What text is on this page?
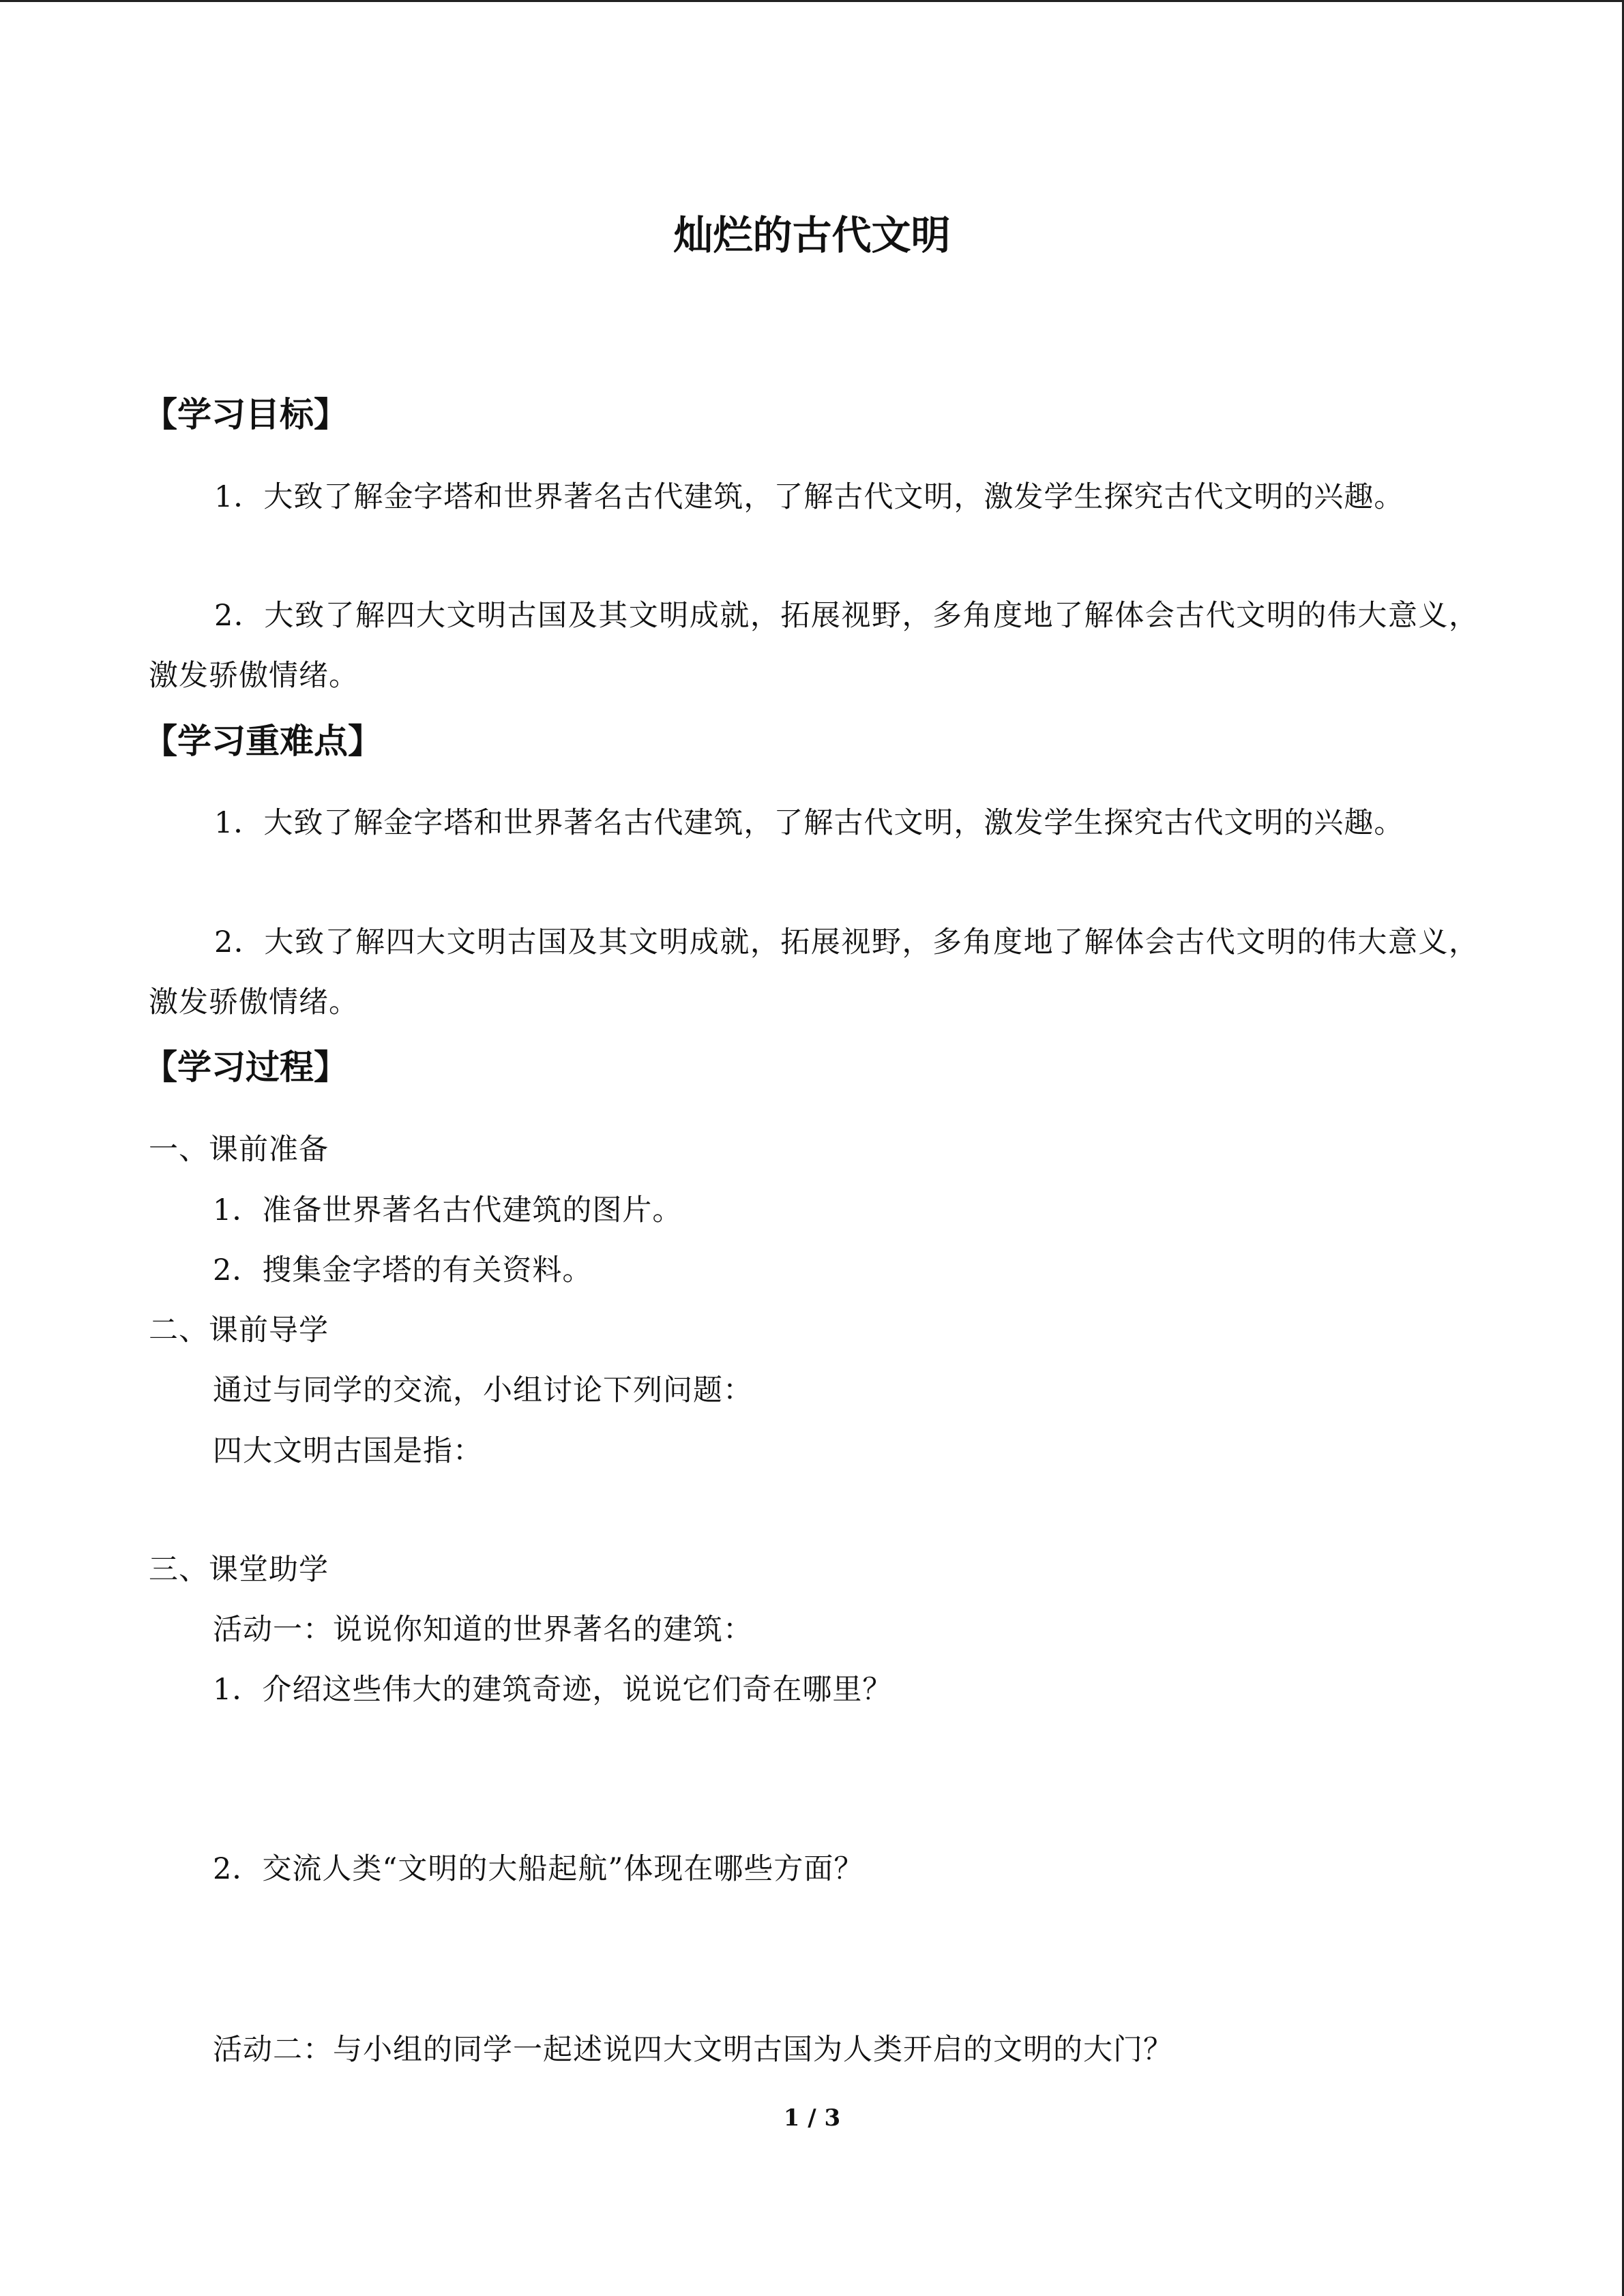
灿烂的古代文明
【学习目标】
1．大致了解金字塔和世界著名古代建筑，了解古代文明，激发学生探究古代文明的兴趣。
2．大致了解四大文明古国及其文明成就，拓展视野，多角度地了解体会古代文明的伟大意义，激发骄傲情绪。
【学习重难点】
1．大致了解金字塔和世界著名古代建筑，了解古代文明，激发学生探究古代文明的兴趣。
2．大致了解四大文明古国及其文明成就，拓展视野，多角度地了解体会古代文明的伟大意义，激发骄傲情绪。
【学习过程】
一、课前准备
1．准备世界著名古代建筑的图片。
2．搜集金字塔的有关资料。
二、课前导学
通过与同学的交流，小组讨论下列问题：
四大文明古国是指：
三、课堂助学
活动一：说说你知道的世界著名的建筑：
1．介绍这些伟大的建筑奇迹，说说它们奇在哪里？
2．交流人类“文明的大船起航”体现在哪些方面？
活动二：与小组的同学一起述说四大文明古国为人类开启的文明的大门？
1 / 3
